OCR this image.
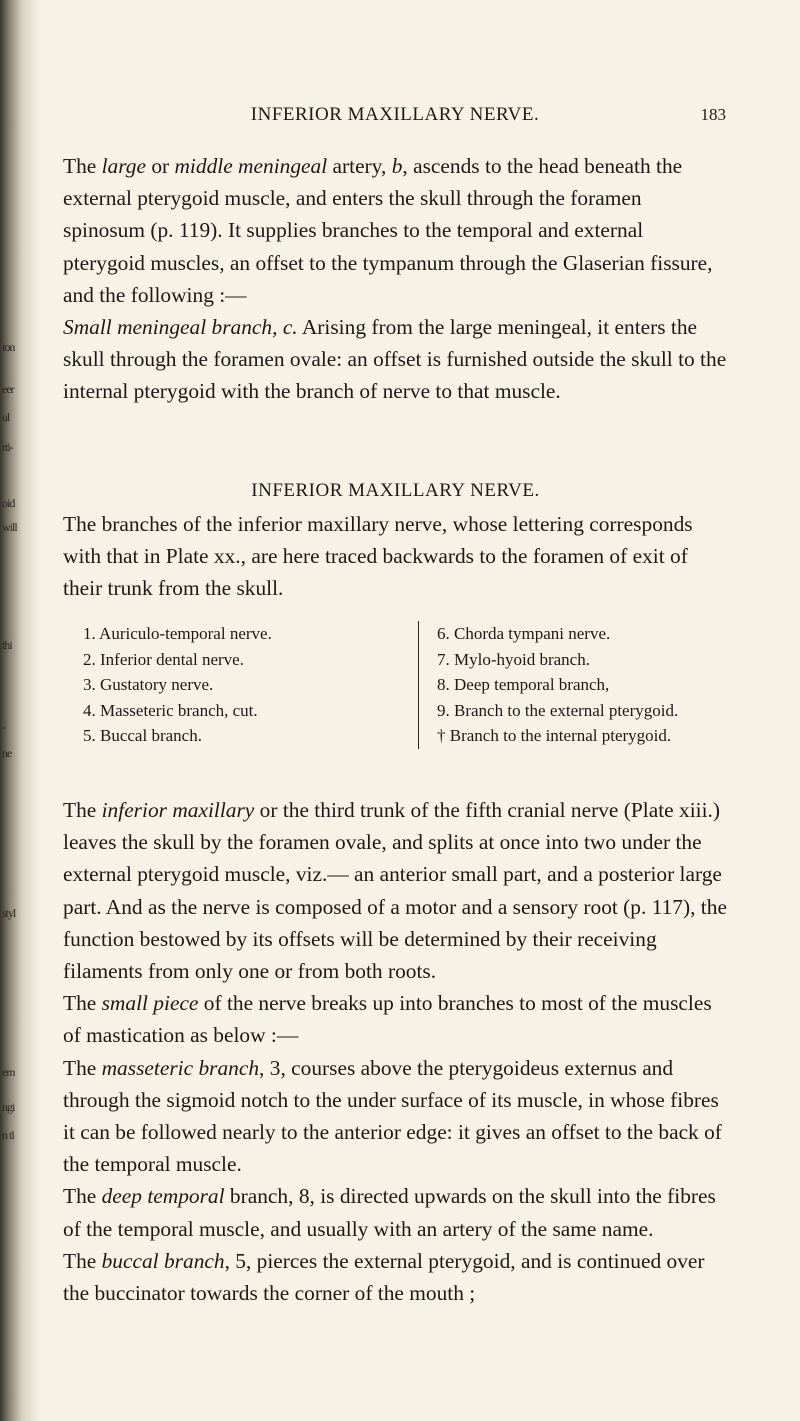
ion
eer
ul
rti-
oid
will
thi
-
ne
styl
ern
ngi
n tl
INFERIOR MAXILLARY NERVE.	183

The large or middle meningeal artery, b, ascends to the head beneath the external pterygoid muscle, and enters the skull through the foramen spinosum (p. 119). It supplies branches to the temporal and external pterygoid muscles, an offset to the tympanum through the Glaserian fissure, and the following :—

Small meningeal branch, c. Arising from the large meningeal, it enters the skull through the foramen ovale: an offset is furnished outside the skull to the internal pterygoid with the branch of nerve to that muscle.

INFERIOR MAXILLARY NERVE.

The branches of the inferior maxillary nerve, whose lettering corresponds with that in Plate xx., are here traced backwards to the foramen of exit of their trunk from the skull.

1. Auriculo-temporal nerve.
2. Inferior dental nerve.
3. Gustatory nerve.
4. Masseteric branch, cut.
5. Buccal branch.
6. Chorda tympani nerve.
7. Mylo-hyoid branch.
8. Deep temporal branch,
9. Branch to the external pterygoid.
† Branch to the internal pterygoid.

The inferior maxillary or the third trunk of the fifth cranial nerve (Plate xiii.) leaves the skull by the foramen ovale, and splits at once into two under the external pterygoid muscle, viz.— an anterior small part, and a posterior large part. And as the nerve is composed of a motor and a sensory root (p. 117), the function bestowed by its offsets will be determined by their receiving filaments from only one or from both roots.

The small piece of the nerve breaks up into branches to most of the muscles of mastication as below :—

The masseteric branch, 3, courses above the pterygoideus externus and through the sigmoid notch to the under surface of its muscle, in whose fibres it can be followed nearly to the anterior edge: it gives an offset to the back of the temporal muscle.

The deep temporal branch, 8, is directed upwards on the skull into the fibres of the temporal muscle, and usually with an artery of the same name.

The buccal branch, 5, pierces the external pterygoid, and is continued over the buccinator towards the corner of the mouth ;
